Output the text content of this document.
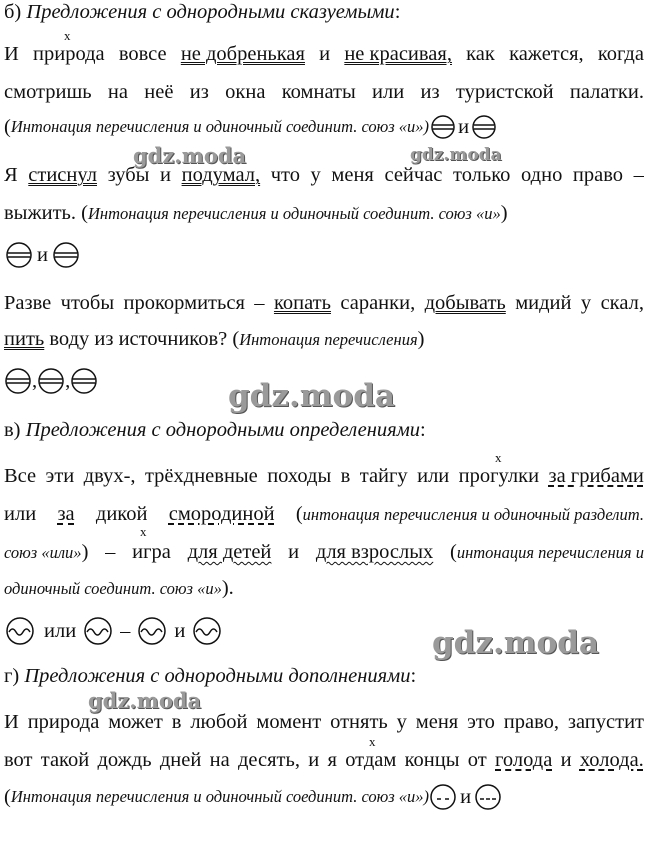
б) Предложения с однородными сказуемыми:
х
И природа вовсе не добренькая и не красивая, как кажется, когда
смотришь на неё из окна комнаты или из туристской палатки.
( Интонация перечисления и одиночный соединит. союз «и») и
gdz.moda	gdz.moda
Я стиснул зубы и подумал, что у меня сейчас только одно право –
выжить. (Интонация перечисления и одиночный соединит. союз «и»)
и
Разве чтобы прокормиться – копать саранки, добывать мидий у скал,
пить воду из источников? (Интонация перечисления)
, ,	gdz.moda
в) Предложения с однородными определениями:
х
Все эти двух-, трёхдневные походы в тайгу или прогулки за грибами
или за дикой смородиной (интонация перечисления и одиночный разделит.
х
союз «или») – игра для детей и для взрослых (интонация перечисления и
одиночный соединит. союз «и»).
или – и	gdz.moda
г) Предложения с однородными дополнениями:
gdz.moda
И природа может в любой момент отнять у меня это право, запустит
х
вот такой дождь дней на десять, и я отдам концы от голода и холода.
( Интонация перечисления и одиночный соединит. союз «и») и
